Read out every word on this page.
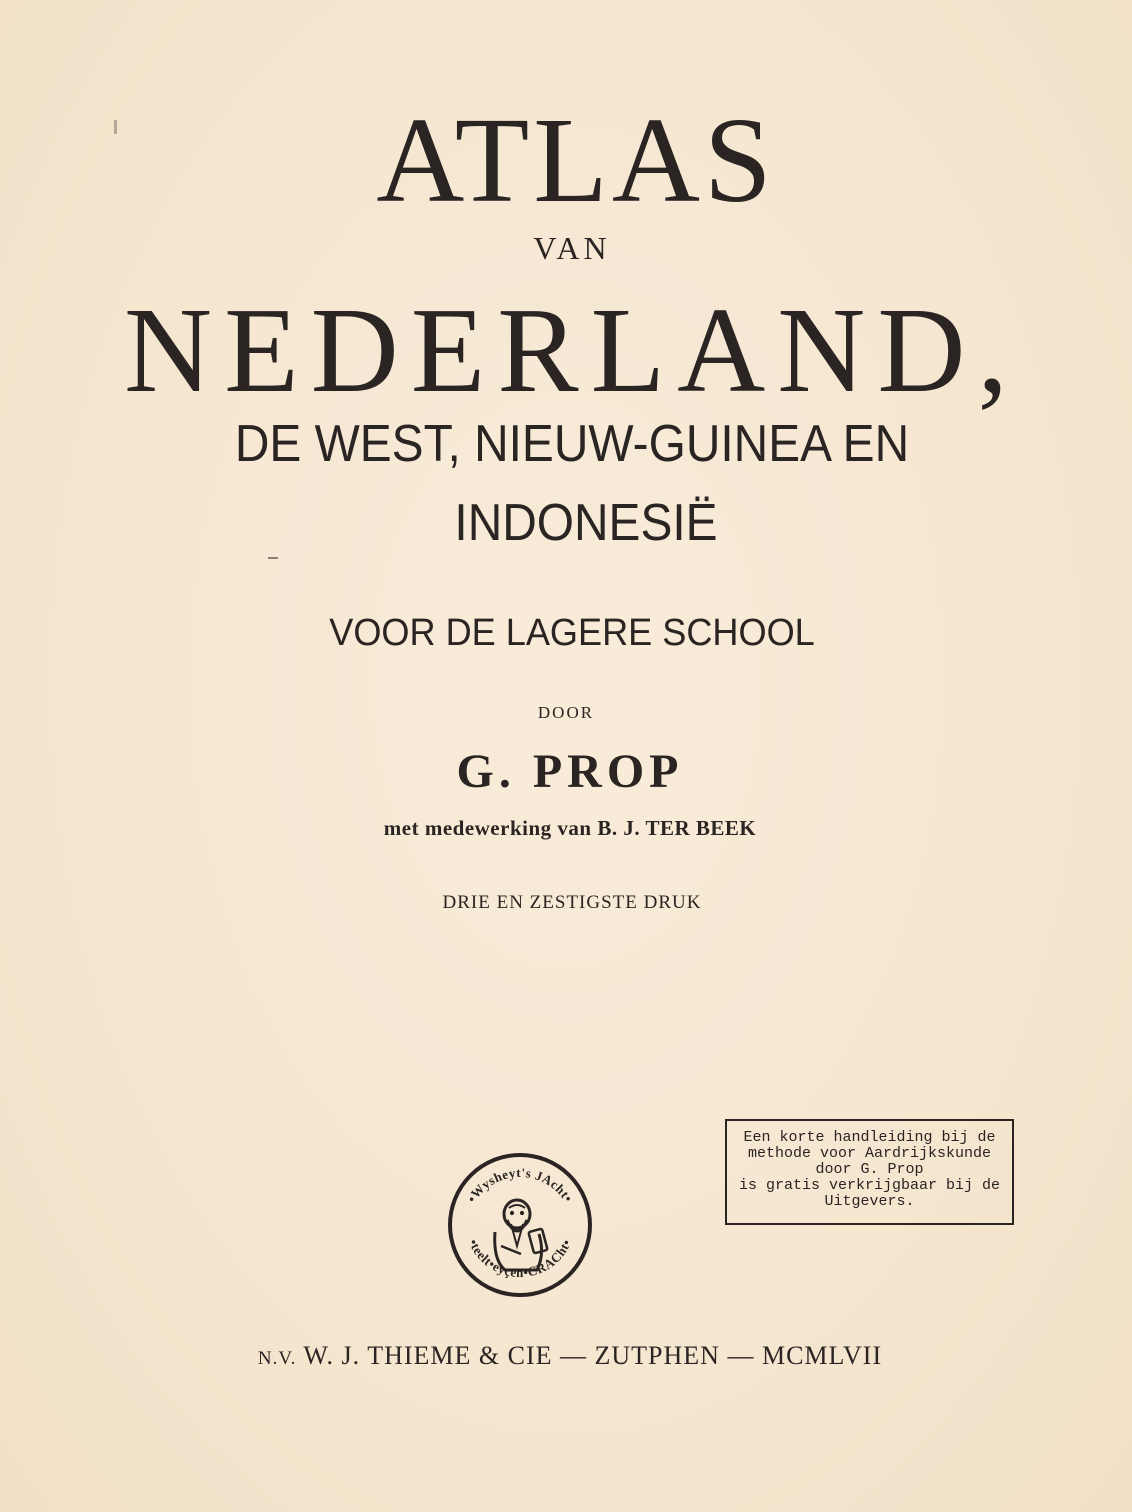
ATLAS
VAN
NEDERLAND,
DE WEST, NIEUW-GUINEA EN
INDONESIË
VOOR DE LAGERE SCHOOL
DOOR
G. PROP
met medewerking van B. J. TER BEEK
DRIE EN ZESTIGSTE DRUK
Een korte handleiding bij de
methode voor Aardrijkskunde
door G. Prop
is gratis verkrijgbaar bij de
Uitgevers.
•Wysheyt's JAcht•
•teelt•eyçen•CRACht•
N.V. W. J. THIEME & CIE — ZUTPHEN — MCMLVII
